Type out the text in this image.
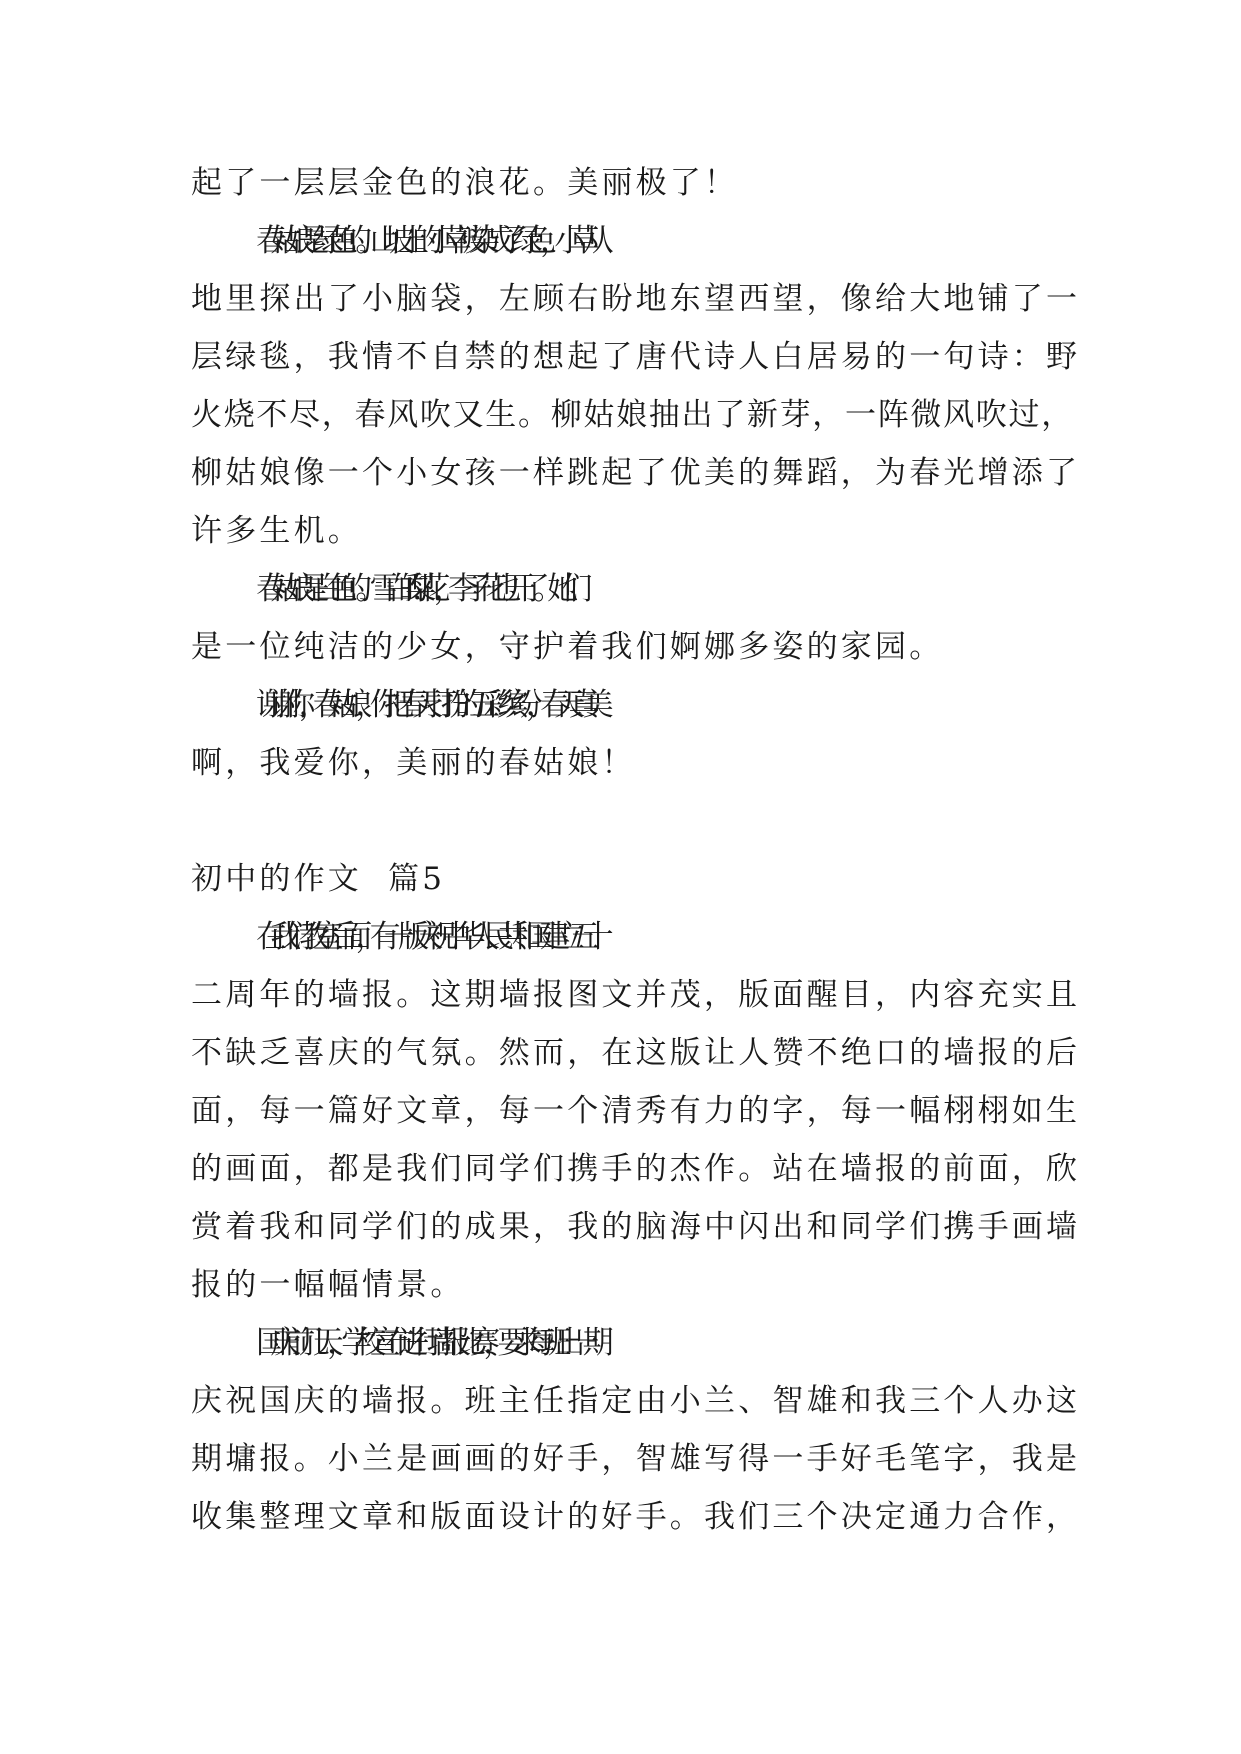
起了一层层金色的浪花。美丽极了！
春姑娘是绿色的。山坡上的小草被染成了绿色，小草从
地里探出了小脑袋，左顾右盼地东望西望，像给大地铺了一
层绿毯，我情不自禁的想起了唐代诗人白居易的一句诗：野
火烧不尽，春风吹又生。柳姑娘抽出了新芽，一阵微风吹过，
柳姑娘像一个小女孩一样跳起了优美的舞蹈，为春光增添了
许多生机。
春姑娘是白色的。雪白的.梨花，李子花也开了。她们
是一位纯洁的少女，守护着我们婀娜多姿的家园。
谢谢你，春姑娘，你把春天打扮的五彩缤纷，春天真美
啊，我爱你，美丽的春姑娘！
初中的作文  篇5
在我们教室后面，有一版庆祝中华人民共和国建立五十
二周年的墙报。这期墙报图文并茂，版面醒目，内容充实且
不缺乏喜庆的气氛。然而，在这版让人赞不绝口的墙报的后
面，每一篇好文章，每一个清秀有力的字，每一幅栩栩如生
的画面，都是我们同学们携手的杰作。站在墙报的前面，欣
赏着我和同学们的成果，我的脑海中闪出和同学们携手画墙
报的一幅幅情景。
国庆前几天，学校宣布进行墙报比赛，要求每班出一期
庆祝国庆的墙报。班主任指定由小兰、智雄和我三个人办这
期墉报。小兰是画画的好手，智雄写得一手好毛笔字，我是
收集整理文章和版面设计的好手。我们三个决定通力合作，
